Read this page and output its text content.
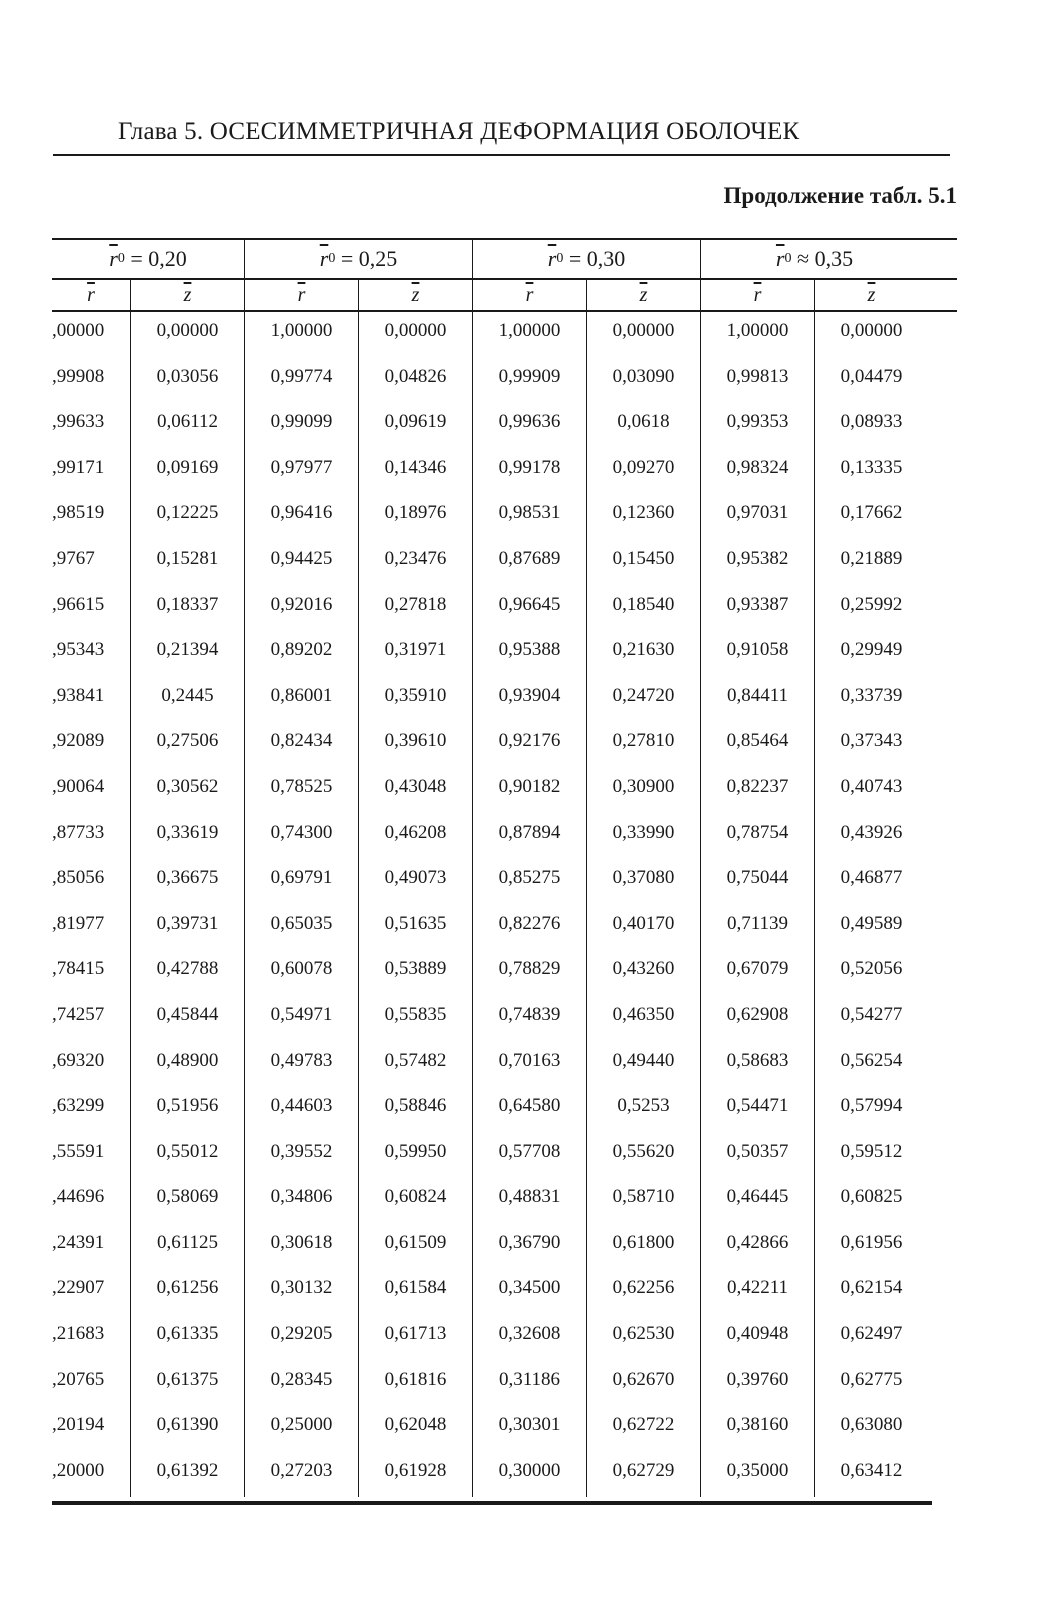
Глава 5. ОСЕСИММЕТРИЧНАЯ ДЕФОРМАЦИЯ ОБОЛОЧЕК
Продолжение табл. 5.1
$\overline{r}$ 0 = 0,20	$\overline{r}$ 0 = 0,25	$\overline{r}$ 0 = 0,30	$\overline{r}$ 0 ≈ 0,35
$\overline{r}$	$\overline{z}$	$\overline{r}$	$\overline{z}$	$\overline{r}$	$\overline{z}$	$\overline{r}$	$\overline{z}$
,00000	0,00000	1,00000	0,00000	1,00000	0,00000	1,00000	0,00000
,99908	0,03056	0,99774	0,04826	0,99909	0,03090	0,99813	0,04479
,99633	0,06112	0,99099	0,09619	0,99636	0,0618	0,99353	0,08933
,99171	0,09169	0,97977	0,14346	0,99178	0,09270	0,98324	0,13335
,98519	0,12225	0,96416	0,18976	0,98531	0,12360	0,97031	0,17662
,9767	0,15281	0,94425	0,23476	0,87689	0,15450	0,95382	0,21889
,96615	0,18337	0,92016	0,27818	0,96645	0,18540	0,93387	0,25992
,95343	0,21394	0,89202	0,31971	0,95388	0,21630	0,91058	0,29949
,93841	0,2445	0,86001	0,35910	0,93904	0,24720	0,84411	0,33739
,92089	0,27506	0,82434	0,39610	0,92176	0,27810	0,85464	0,37343
,90064	0,30562	0,78525	0,43048	0,90182	0,30900	0,82237	0,40743
,87733	0,33619	0,74300	0,46208	0,87894	0,33990	0,78754	0,43926
,85056	0,36675	0,69791	0,49073	0,85275	0,37080	0,75044	0,46877
,81977	0,39731	0,65035	0,51635	0,82276	0,40170	0,71139	0,49589
,78415	0,42788	0,60078	0,53889	0,78829	0,43260	0,67079	0,52056
,74257	0,45844	0,54971	0,55835	0,74839	0,46350	0,62908	0,54277
,69320	0,48900	0,49783	0,57482	0,70163	0,49440	0,58683	0,56254
,63299	0,51956	0,44603	0,58846	0,64580	0,5253	0,54471	0,57994
,55591	0,55012	0,39552	0,59950	0,57708	0,55620	0,50357	0,59512
,44696	0,58069	0,34806	0,60824	0,48831	0,58710	0,46445	0,60825
,24391	0,61125	0,30618	0,61509	0,36790	0,61800	0,42866	0,61956
,22907	0,61256	0,30132	0,61584	0,34500	0,62256	0,42211	0,62154
,21683	0,61335	0,29205	0,61713	0,32608	0,62530	0,40948	0,62497
,20765	0,61375	0,28345	0,61816	0,31186	0,62670	0,39760	0,62775
,20194	0,61390	0,25000	0,62048	0,30301	0,62722	0,38160	0,63080
,20000	0,61392	0,27203	0,61928	0,30000	0,62729	0,35000	0,63412
